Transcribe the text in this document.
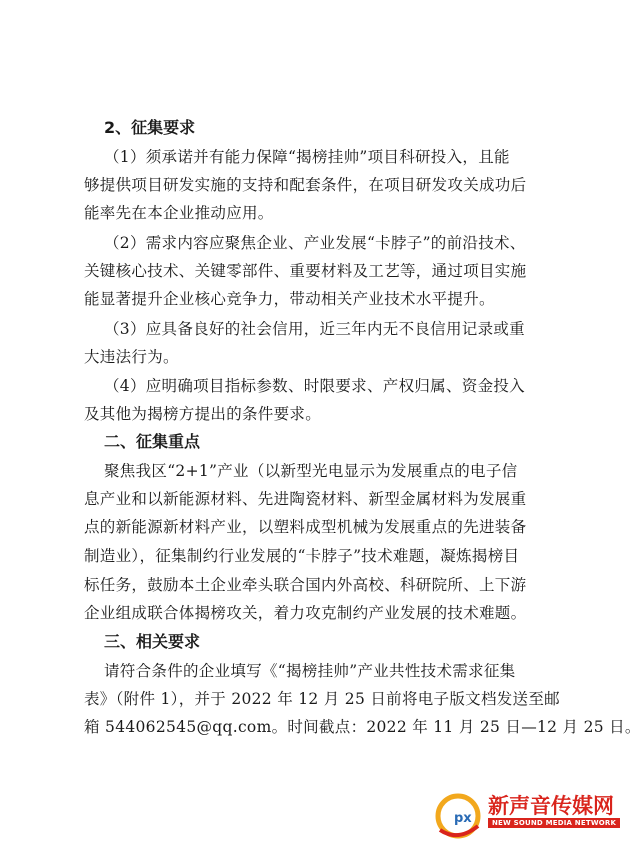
2、征集要求
（1）须承诺并有能力保障“揭榜挂帅”项目科研投入，且能
够提供项目研发实施的支持和配套条件，在项目研发攻关成功后
能率先在本企业推动应用。
（2）需求内容应聚焦企业、产业发展“卡脖子”的前沿技术、
关键核心技术、关键零部件、重要材料及工艺等，通过项目实施
能显著提升企业核心竞争力，带动相关产业技术水平提升。
（3）应具备良好的社会信用，近三年内无不良信用记录或重
大违法行为。
（4）应明确项目指标参数、时限要求、产权归属、资金投入
及其他为揭榜方提出的条件要求。
二、征集重点
聚焦我区“2+1”产业（以新型光电显示为发展重点的电子信
息产业和以新能源材料、先进陶瓷材料、新型金属材料为发展重
点的新能源新材料产业，以塑料成型机械为发展重点的先进装备
制造业），征集制约行业发展的“卡脖子”技术难题，凝炼揭榜目
标任务，鼓励本土企业牵头联合国内外高校、科研院所、上下游
企业组成联合体揭榜攻关，着力攻克制约产业发展的技术难题。
三、相关要求
请符合条件的企业填写《“揭榜挂帅”产业共性技术需求征集
表》（附件 1），并于 2022 年 12 月 25 日前将电子版文档发送至邮
箱 544062545@qq.com。时间截点：2022 年 11 月 25 日—12 月 25 日。
px
新声音传媒网
NEW SOUND MEDIA NETWORK
